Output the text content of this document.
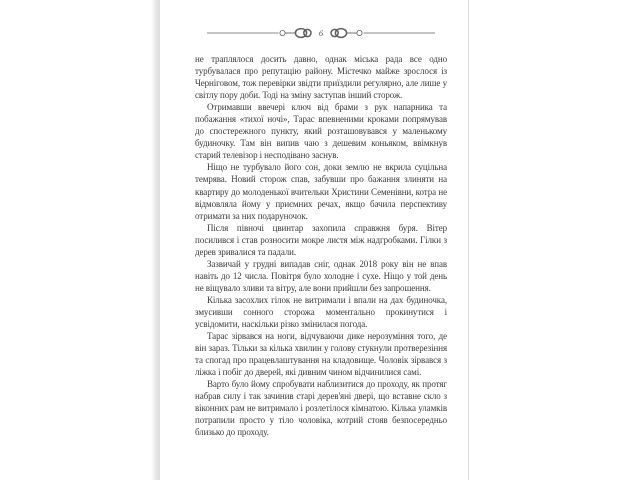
6

не траплялося досить давно, однак міська рада все одно турбувалася про репутацію району. Містечко майже зрослося із Черніговом, тож перевірки звідти приїздили регулярно, але лише у світлу пору доби. Тоді на зміну заступав інший сторож.

Отримавши ввечері ключ від брами з рук напарника та побажання «тихої ночі», Тарас впевненими кроками попрямував до спостережного пункту, який розташовувався у маленькому будиночку. Там він випив чаю з дешевим коньяком, ввімкнув старий телевізор і несподівано заснув.

Ніщо не турбувало його сон, доки землю не вкрила суцільна темрява. Новий сторож спав, забувши про бажання злиняти на квартиру до молоденької вчительки Христини Семенівни, котра не відмовляла йому у приємних речах, якщо бачила перспективу отримати за них подаруночок.

Після півночі цвинтар захопила справжня буря. Вітер посилився і став розносити мокре листя між надгробками. Гілки з дерев зривалися та падали.

Зазвичай у грудні випадав сніг, однак 2018 року він не впав навіть до 12 числа. Повітря було холодне і сухе. Ніщо у той день не віщувало зливи та вітру, але вони прийшли без запрошення.

Кілька засохлих гілок не витримали і впали на дах будиночка, змусивши сонного сторожа моментально прокинутися і усвідомити, наскільки різко змінилася погода.

Тарас зірвався на ноги, відчуваючи дике нерозуміння того, де він зараз. Тільки за кілька хвилин у голову стукнули протверезіння та спогад про працевлаштування на кладовище. Чоловік зірвався з ліжка і побіг до дверей, які дивним чином відчинилися самі.

Варто було йому спробувати наблизитися до проходу, як протяг набрав силу і так зачинив старі дерев'яні двері, що вставне скло з віконних рам не витримало і розлетілося кімнатою. Кілька уламків потрапили просто у тіло чоловіка, котрий стояв безпосередньо близько до проходу.
